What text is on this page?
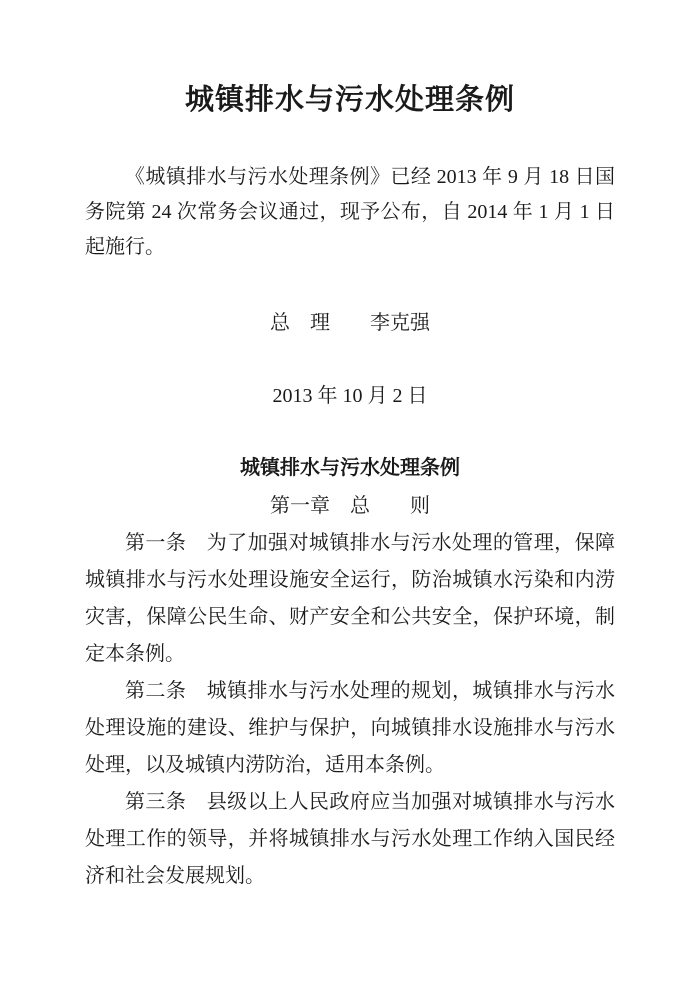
城镇排水与污水处理条例

《城镇排水与污水处理条例》已经 2013 年 9 月 18 日国务院第 24 次常务会议通过，现予公布，自 2014 年 1 月 1 日起施行。

总　理　　李克强
2013 年 10 月 2 日
城镇排水与污水处理条例
第一章　总　　则

第一条　为了加强对城镇排水与污水处理的管理，保障城镇排水与污水处理设施安全运行，防治城镇水污染和内涝灾害，保障公民生命、财产安全和公共安全，保护环境，制定本条例。

第二条　城镇排水与污水处理的规划，城镇排水与污水处理设施的建设、维护与保护，向城镇排水设施排水与污水处理，以及城镇内涝防治，适用本条例。

第三条　县级以上人民政府应当加强对城镇排水与污水处理工作的领导，并将城镇排水与污水处理工作纳入国民经济和社会发展规划。
